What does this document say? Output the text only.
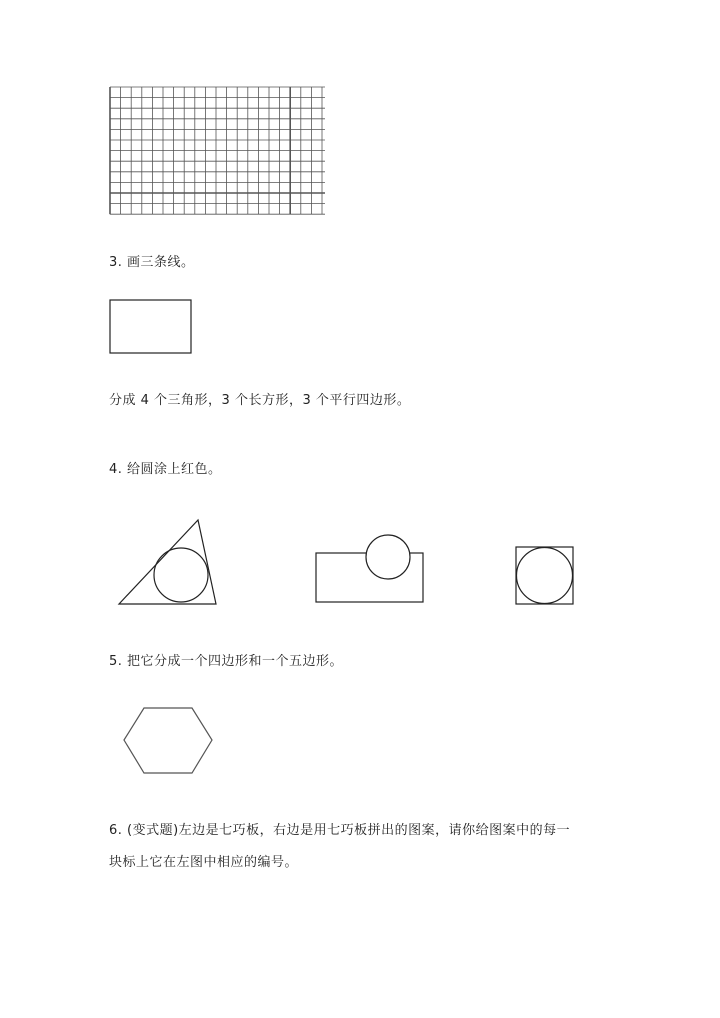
3. 画三条线。
分成 4 个三角形，3 个长方形，3 个平行四边形。
4. 给圆涂上红色。
5. 把它分成一个四边形和一个五边形。
6. (变式题)左边是七巧板，右边是用七巧板拼出的图案，请你给图案中的每一
块标上它在左图中相应的编号。
